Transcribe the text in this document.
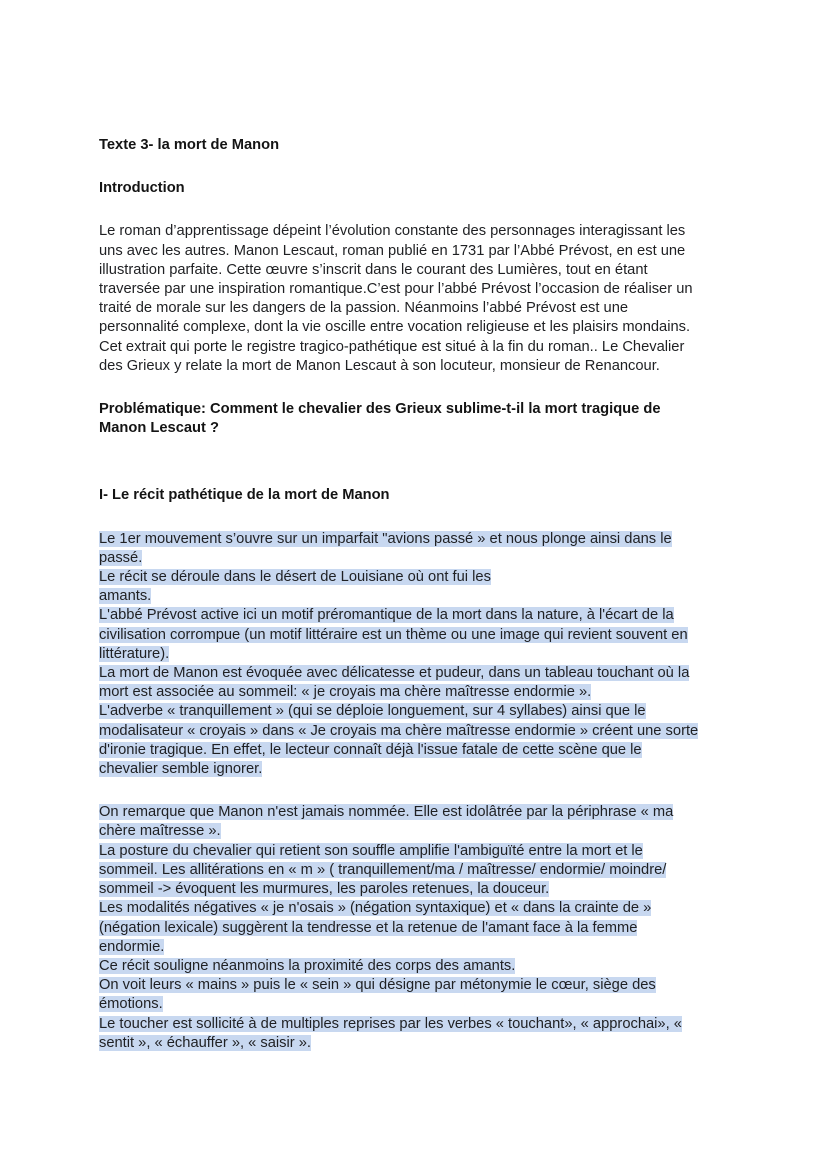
Texte 3- la mort de Manon
Introduction
Le roman d’apprentissage dépeint l’évolution constante des personnages interagissant les
uns avec les autres. Manon Lescaut, roman publié en 1731 par l’Abbé Prévost, en est une
illustration parfaite. Cette œuvre s’inscrit dans le courant des Lumières, tout en étant
traversée par une inspiration romantique.C’est pour l’abbé Prévost l’occasion de réaliser un
traité de morale sur les dangers de la passion. Néanmoins l’abbé Prévost est une
personnalité complexe, dont la vie oscille entre vocation religieuse et les plaisirs mondains.
Cet extrait qui porte le registre tragico-pathétique est situé à la fin du roman.. Le Chevalier
des Grieux y relate la mort de Manon Lescaut à son locuteur, monsieur de Renancour.
Problématique: Comment le chevalier des Grieux sublime-t-il la mort tragique de
Manon Lescaut ?
I- Le récit pathétique de la mort de Manon
Le 1er mouvement s’ouvre sur un imparfait "avions passé » et nous plonge ainsi dans le
passé.
Le récit se déroule dans le désert de Louisiane où ont fui les
amants.
L'abbé Prévost active ici un motif préromantique de la mort dans la nature, à l'écart de la
civilisation corrompue (un motif littéraire est un thème ou une image qui revient souvent en
littérature).
La mort de Manon est évoquée avec délicatesse et pudeur, dans un tableau touchant où la
mort est associée au sommeil: « je croyais ma chère maîtresse endormie ».
L'adverbe « tranquillement » (qui se déploie longuement, sur 4 syllabes) ainsi que le
modalisateur « croyais » dans « Je croyais ma chère maîtresse endormie » créent une sorte
d'ironie tragique. En effet, le lecteur connaît déjà l'issue fatale de cette scène que le
chevalier semble ignorer.
On remarque que Manon n'est jamais nommée. Elle est idolâtrée par la périphrase « ma
chère maîtresse ».
La posture du chevalier qui retient son souffle amplifie l'ambiguïté entre la mort et le
sommeil. Les allitérations en « m » ( tranquillement/ma / maîtresse/ endormie/ moindre/
sommeil -> évoquent les murmures, les paroles retenues, la douceur.
Les modalités négatives « je n'osais » (négation syntaxique) et « dans la crainte de »
(négation lexicale) suggèrent la tendresse et la retenue de l'amant face à la femme
endormie.
Ce récit souligne néanmoins la proximité des corps des amants.
On voit leurs « mains » puis le « sein » qui désigne par métonymie le cœur, siège des
émotions.
Le toucher est sollicité à de multiples reprises par les verbes « touchant», « approchai», «
sentit », « échauffer », « saisir ».
